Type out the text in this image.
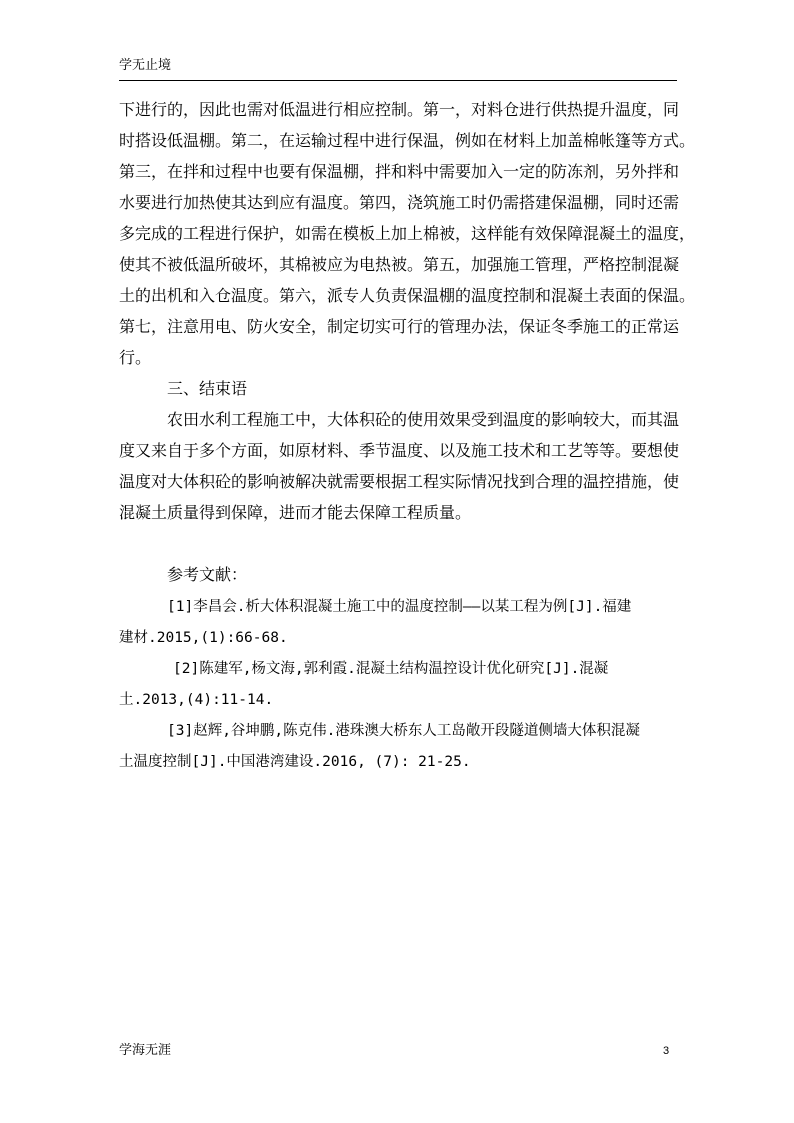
学无止境
下进行的，因此也需对低温进行相应控制。第一，对料仓进行供热提升温度，同
时搭设低温棚。第二，在运输过程中进行保温，例如在材料上加盖棉帐篷等方式。
第三，在拌和过程中也要有保温棚，拌和料中需要加入一定的防冻剂，另外拌和
水要进行加热使其达到应有温度。第四，浇筑施工时仍需搭建保温棚，同时还需
多完成的工程进行保护，如需在模板上加上棉被，这样能有效保障混凝土的温度，
使其不被低温所破坏，其棉被应为电热被。第五，加强施工管理，严格控制混凝
土的出机和入仓温度。第六，派专人负责保温棚的温度控制和混凝土表面的保温。
第七，注意用电、防火安全，制定切实可行的管理办法，保证冬季施工的正常运
行。
三、结束语
农田水利工程施工中，大体积砼的使用效果受到温度的影响较大，而其温
度又来自于多个方面，如原材料、季节温度、以及施工技术和工艺等等。要想使
温度对大体积砼的影响被解决就需要根据工程实际情况找到合理的温控措施，使
混凝土质量得到保障，进而才能去保障工程质量。
参考文献：
[1]李昌会.析大体积混凝土施工中的温度控制——以某工程为例[J].福建
建材.2015,(1):66-68.
[2]陈建军,杨文海,郭利霞.混凝土结构温控设计优化研究[J].混凝
土.2013,(4):11-14.
[3]赵辉,谷坤鹏,陈克伟.港珠澳大桥东人工岛敞开段隧道侧墙大体积混凝
土温度控制[J].中国港湾建设.2016, (7): 21-25.
学海无涯	3
